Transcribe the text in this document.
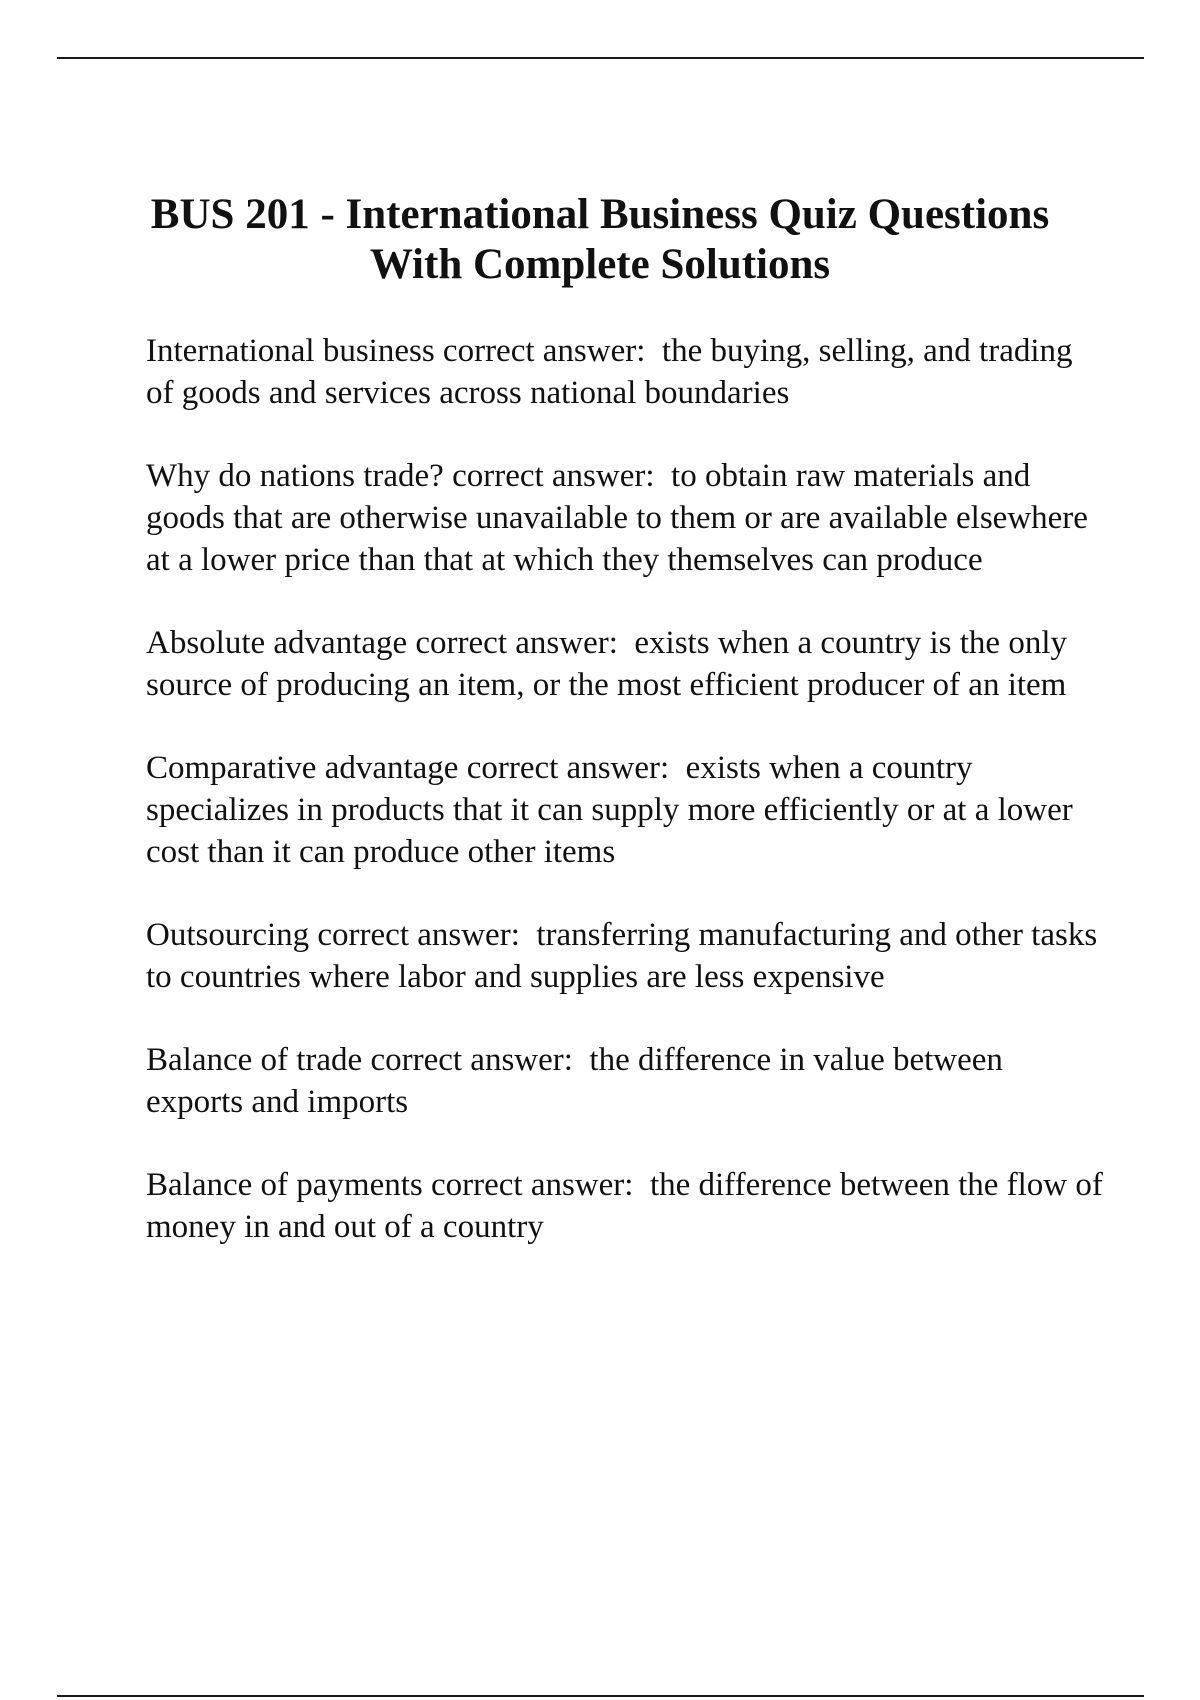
BUS 201 - International Business Quiz Questions With Complete Solutions
International business correct answer: the buying, selling, and trading of goods and services across national boundaries
Why do nations trade? correct answer: to obtain raw materials and goods that are otherwise unavailable to them or are available elsewhere at a lower price than that at which they themselves can produce
Absolute advantage correct answer: exists when a country is the only source of producing an item, or the most efficient producer of an item
Comparative advantage correct answer: exists when a country specializes in products that it can supply more efficiently or at a lower cost than it can produce other items
Outsourcing correct answer: transferring manufacturing and other tasks to countries where labor and supplies are less expensive
Balance of trade correct answer: the difference in value between exports and imports
Balance of payments correct answer: the difference between the flow of money in and out of a country
